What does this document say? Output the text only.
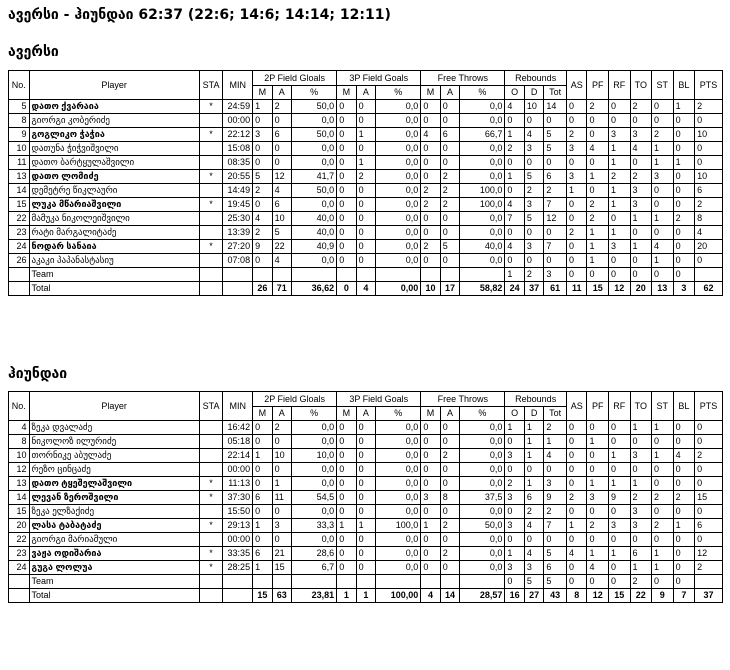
ავერსი - ჰიუნდაი 62:37 (22:6; 14:6; 14:14; 12:11)
ავერსი
No.	Player	STA	MIN	2P Field Gloals			3P Field Goals			Free Throws			Rebounds			AS	PF	RF	TO	ST	BL	PTS
				M	A	%	M	A	%	M	A	%	O	D	Tot							
5	დათო ქვარაია	*	24:59	1	2	50,0	0	0	0,0	0	0	0,0	4	10	14	0	2	0	2	0	1	2
8	გიორგი კობერიძე		00:00	0	0	0,0	0	0	0,0	0	0	0,0	0	0	0	0	0	0	0	0	0	0
9	გოგლიკო ჭაჭია	*	22:12	3	6	50,0	0	1	0,0	4	6	66,7	1	4	5	2	0	3	3	2	0	10
10	დათუნა ჭიჭვიშვილი		15:08	0	0	0,0	0	0	0,0	0	0	0,0	2	3	5	3	4	1	4	1	0	0
11	დათო ბარტყულაშვილი		08:35	0	0	0,0	0	1	0,0	0	0	0,0	0	0	0	0	0	1	0	1	1	0
13	დათო ლომიძე	*	20:55	5	12	41,7	0	2	0,0	0	2	0,0	1	5	6	3	1	2	2	3	0	10
14	დემეტრე წიკლაური		14:49	2	4	50,0	0	0	0,0	2	2	100,0	0	2	2	1	0	1	3	0	0	6
15	ლუკა მწარიაშვილი	*	19:45	0	6	0,0	0	0	0,0	2	2	100,0	4	3	7	0	2	1	3	0	0	2
22	მამუკა ნიკოლეიშვილი		25:30	4	10	40,0	0	0	0,0	0	0	0,0	7	5	12	0	2	0	1	1	2	8
23	რატი მარგალიტაძე		13:39	2	5	40,0	0	0	0,0	0	0	0,0	0	0	0	2	1	1	0	0	0	4
24	ნოდარ სანაია	*	27:20	9	22	40,9	0	0	0,0	2	5	40,0	4	3	7	0	1	3	1	4	0	20
26	აკაკი პაპანასტასიუ		07:08	0	4	0,0	0	0	0,0	0	0	0,0	0	0	0	0	1	0	0	1	0	0
	Team												1	2	3	0	0	0	0	0	0	
	Total			26	71	36,62	0	4	0,00	10	17	58,82	24	37	61	11	15	12	20	13	3	62
ჰიუნდაი
No.	Player	STA	MIN	2P Field Gloals			3P Field Goals			Free Throws			Rebounds			AS	PF	RF	TO	ST	BL	PTS
				M	A	%	M	A	%	M	A	%	O	D	Tot							
4	ზეკა დვალაძე		16:42	0	2	0,0	0	0	0,0	0	0	0,0	1	1	2	0	0	0	1	1	0	0
8	ნიკოლოზ ილურიძე		05:18	0	0	0,0	0	0	0,0	0	0	0,0	0	1	1	0	1	0	0	0	0	0
10	თორნიკე აბულაძე		22:14	1	10	10,0	0	0	0,0	0	2	0,0	3	1	4	0	0	1	3	1	4	2
12	რეზო ცინცაძე		00:00	0	0	0,0	0	0	0,0	0	0	0,0	0	0	0	0	0	0	0	0	0	0
13	დათო ტყეშელაშვილი	*	11:13	0	1	0,0	0	0	0,0	0	0	0,0	2	1	3	0	1	1	1	0	0	0
14	ლევან ზეროშვილი	*	37:30	6	11	54,5	0	0	0,0	3	8	37,5	3	6	9	2	3	9	2	2	2	15
15	ზეკა ელზაქიძე		15:50	0	0	0,0	0	0	0,0	0	0	0,0	0	2	2	0	0	0	3	0	0	0
20	ლასა ტაბატაძე	*	29:13	1	3	33,3	1	1	100,0	1	2	50,0	3	4	7	1	2	3	3	2	1	6
22	გიორგი მარიამული		00:00	0	0	0,0	0	0	0,0	0	0	0,0	0	0	0	0	0	0	0	0	0	0
23	ვაჟა ოდიშარია	*	33:35	6	21	28,6	0	0	0,0	0	2	0,0	1	4	5	4	1	1	6	1	0	12
24	გუგა ლოლუა	*	28:25	1	15	6,7	0	0	0,0	0	0	0,0	3	3	6	0	4	0	1	1	0	2
	Team												0	5	5	0	0	0	2	0	0	
	Total			15	63	23,81	1	1	100,00	4	14	28,57	16	27	43	8	12	15	22	9	7	37
